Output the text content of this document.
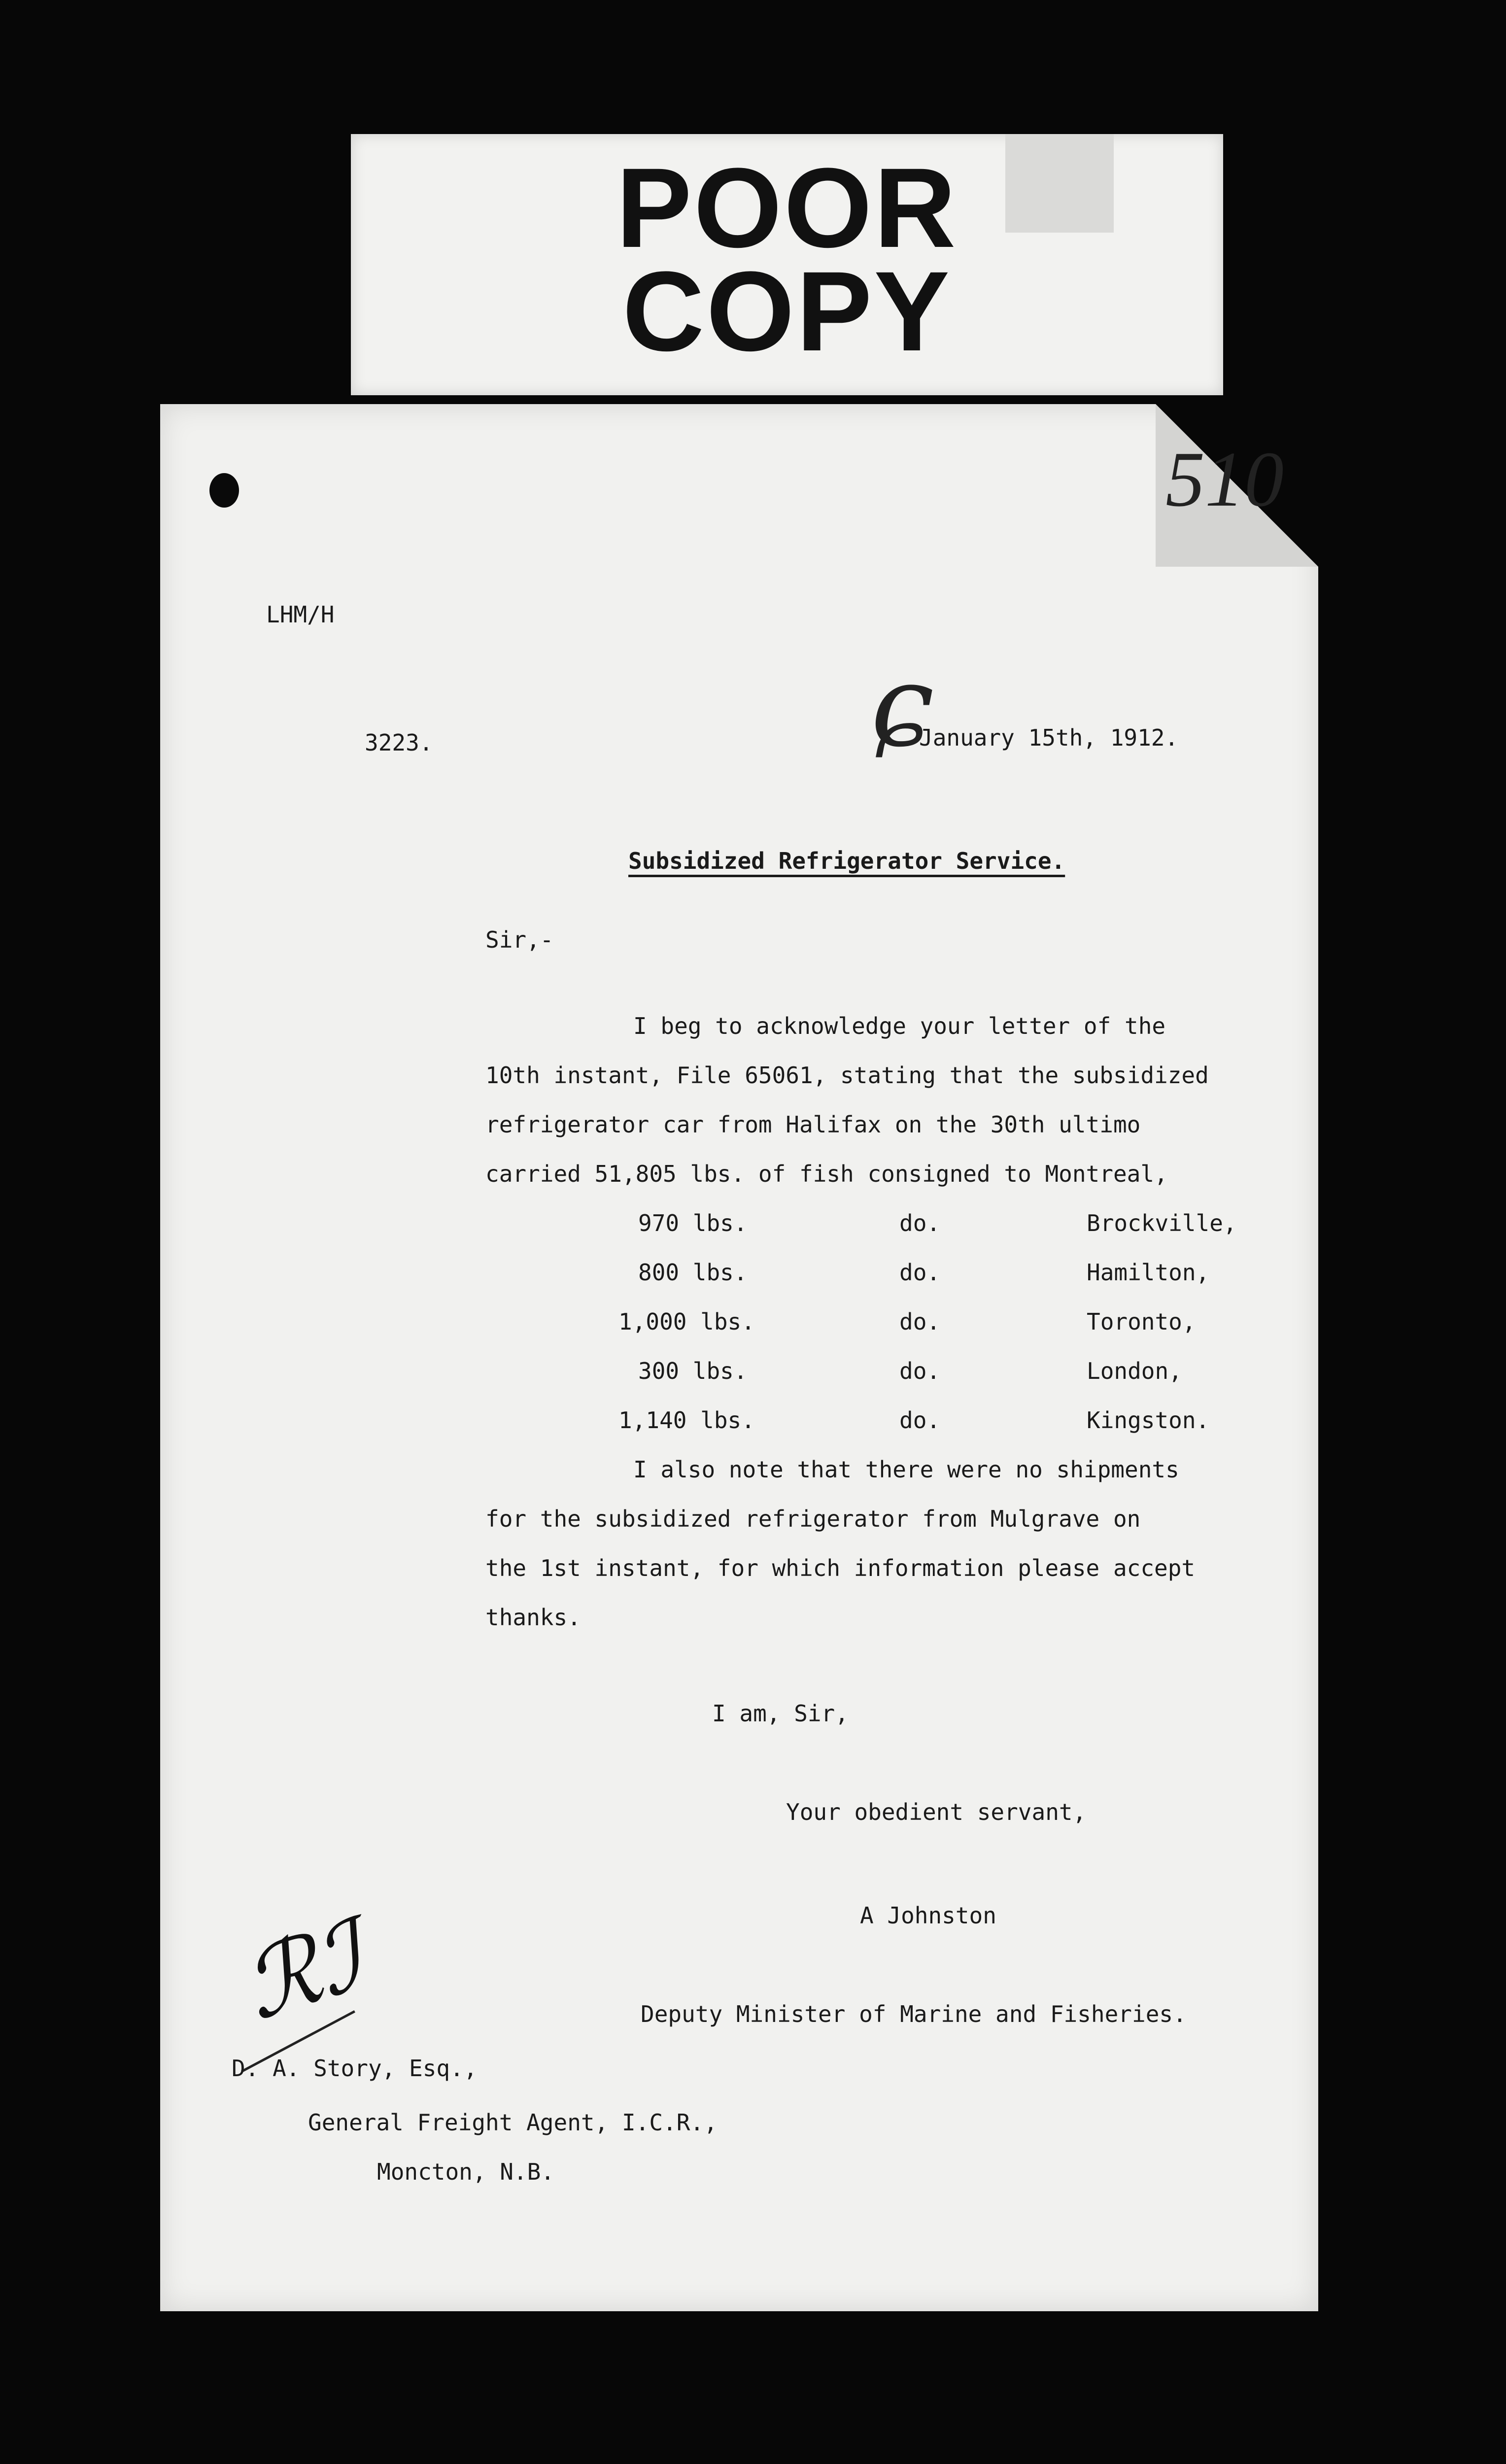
POOR
COPY
510
LHM/H
3223.	ɕ
January 15th, 1912.
Subsidized Refrigerator Service.
Sir,-
I beg to acknowledge your letter of the
10th instant, File 65061, stating that the subsidized
refrigerator car from Halifax on the 30th ultimo
carried 51,805 lbs. of fish consigned to Montreal,
970 lbs.	do.	Brockville,
800 lbs.	do.	Hamilton,
1,000 lbs.	do.	Toronto,
300 lbs.	do.	London,
1,140 lbs.	do.	Kingston.
I also note that there were no shipments
for the subsidized refrigerator from Mulgrave on
the 1st instant, for which information please accept
thanks.
I am, Sir,
Your obedient servant,
A Johnston
Deputy Minister of Marine and Fisheries.
ℛℐ
D. A. Story, Esq.,
General Freight Agent, I.C.R.,
Moncton, N.B.
